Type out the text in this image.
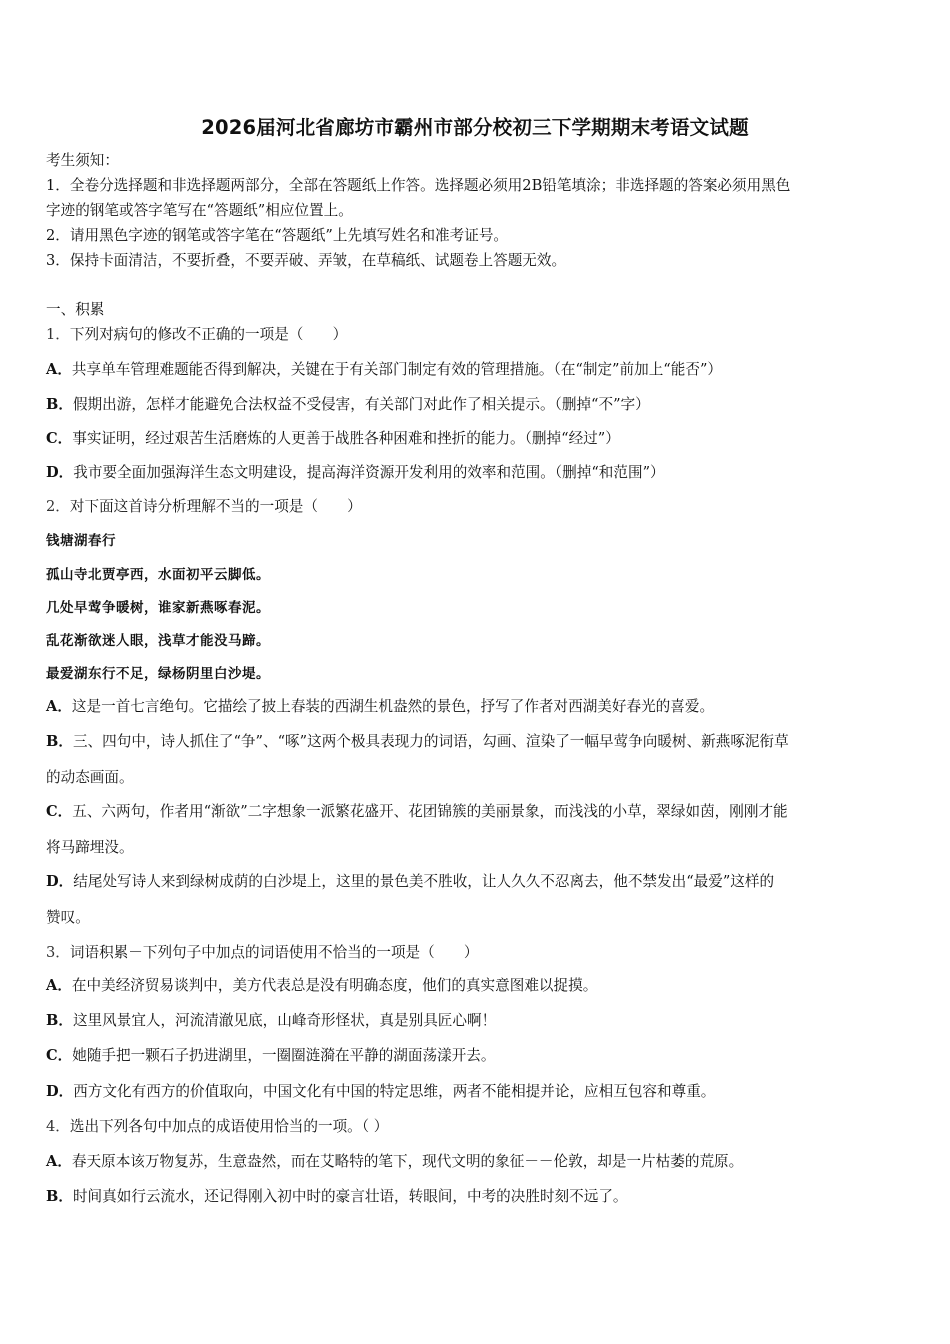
2026届河北省廊坊市霸州市部分校初三下学期期末考语文试题
考生须知：
1．全卷分选择题和非选择题两部分，全部在答题纸上作答。选择题必须用2B铅笔填涂；非选择题的答案必须用黑色
字迹的钢笔或答字笔写在“答题纸”相应位置上。
2．请用黑色字迹的钢笔或答字笔在“答题纸”上先填写姓名和准考证号。
3．保持卡面清洁，不要折叠，不要弄破、弄皱，在草稿纸、试题卷上答题无效。
一、积累
1．下列对病句的修改不正确的一项是（　　）
A．共享单车管理难题能否得到解决，关键在于有关部门制定有效的管理措施。（在“制定”前加上“能否”）
B．假期出游，怎样才能避免合法权益不受侵害，有关部门对此作了相关提示。（删掉“不”字）
C．事实证明，经过艰苦生活磨炼的人更善于战胜各种困难和挫折的能力。（删掉“经过”）
D．我市要全面加强海洋生态文明建设，提高海洋资源开发利用的效率和范围。（删掉“和范围”）
2．对下面这首诗分析理解不当的一项是（　　）
钱塘湖春行
孤山寺北贾亭西，水面初平云脚低。
几处早莺争暖树，谁家新燕啄春泥。
乱花渐欲迷人眼，浅草才能没马蹄。
最爱湖东行不足，绿杨阴里白沙堤。
A．这是一首七言绝句。它描绘了披上春装的西湖生机盎然的景色，抒写了作者对西湖美好春光的喜爱。
B．三、四句中，诗人抓住了“争”、“啄”这两个极具表现力的词语，勾画、渲染了一幅早莺争向暖树、新燕啄泥衔草
的动态画面。
C．五、六两句，作者用“渐欲”二字想象一派繁花盛开、花团锦簇的美丽景象，而浅浅的小草，翠绿如茵，刚刚才能
将马蹄埋没。
D．结尾处写诗人来到绿树成荫的白沙堤上，这里的景色美不胜收，让人久久不忍离去，他不禁发出“最爱”这样的
赞叹。
3．词语积累－下列句子中加点的词语使用不恰当的一项是（　　）
A．在中美经济贸易谈判中，美方代表总是没有明确态度，他们的真实意图难以捉摸。
B．这里风景宜人，河流清澈见底，山峰奇形怪状，真是别具匠心啊！
C．她随手把一颗石子扔进湖里，一圈圈涟漪在平静的湖面荡漾开去。
D．西方文化有西方的价值取向，中国文化有中国的特定思维，两者不能相提并论，应相互包容和尊重。
4．选出下列各句中加点的成语使用恰当的一项。（ ）
A．春天原本该万物复苏，生意盎然，而在艾略特的笔下，现代文明的象征－－伦敦，却是一片枯萎的荒原。
B．时间真如行云流水，还记得刚入初中时的豪言壮语，转眼间，中考的决胜时刻不远了。
